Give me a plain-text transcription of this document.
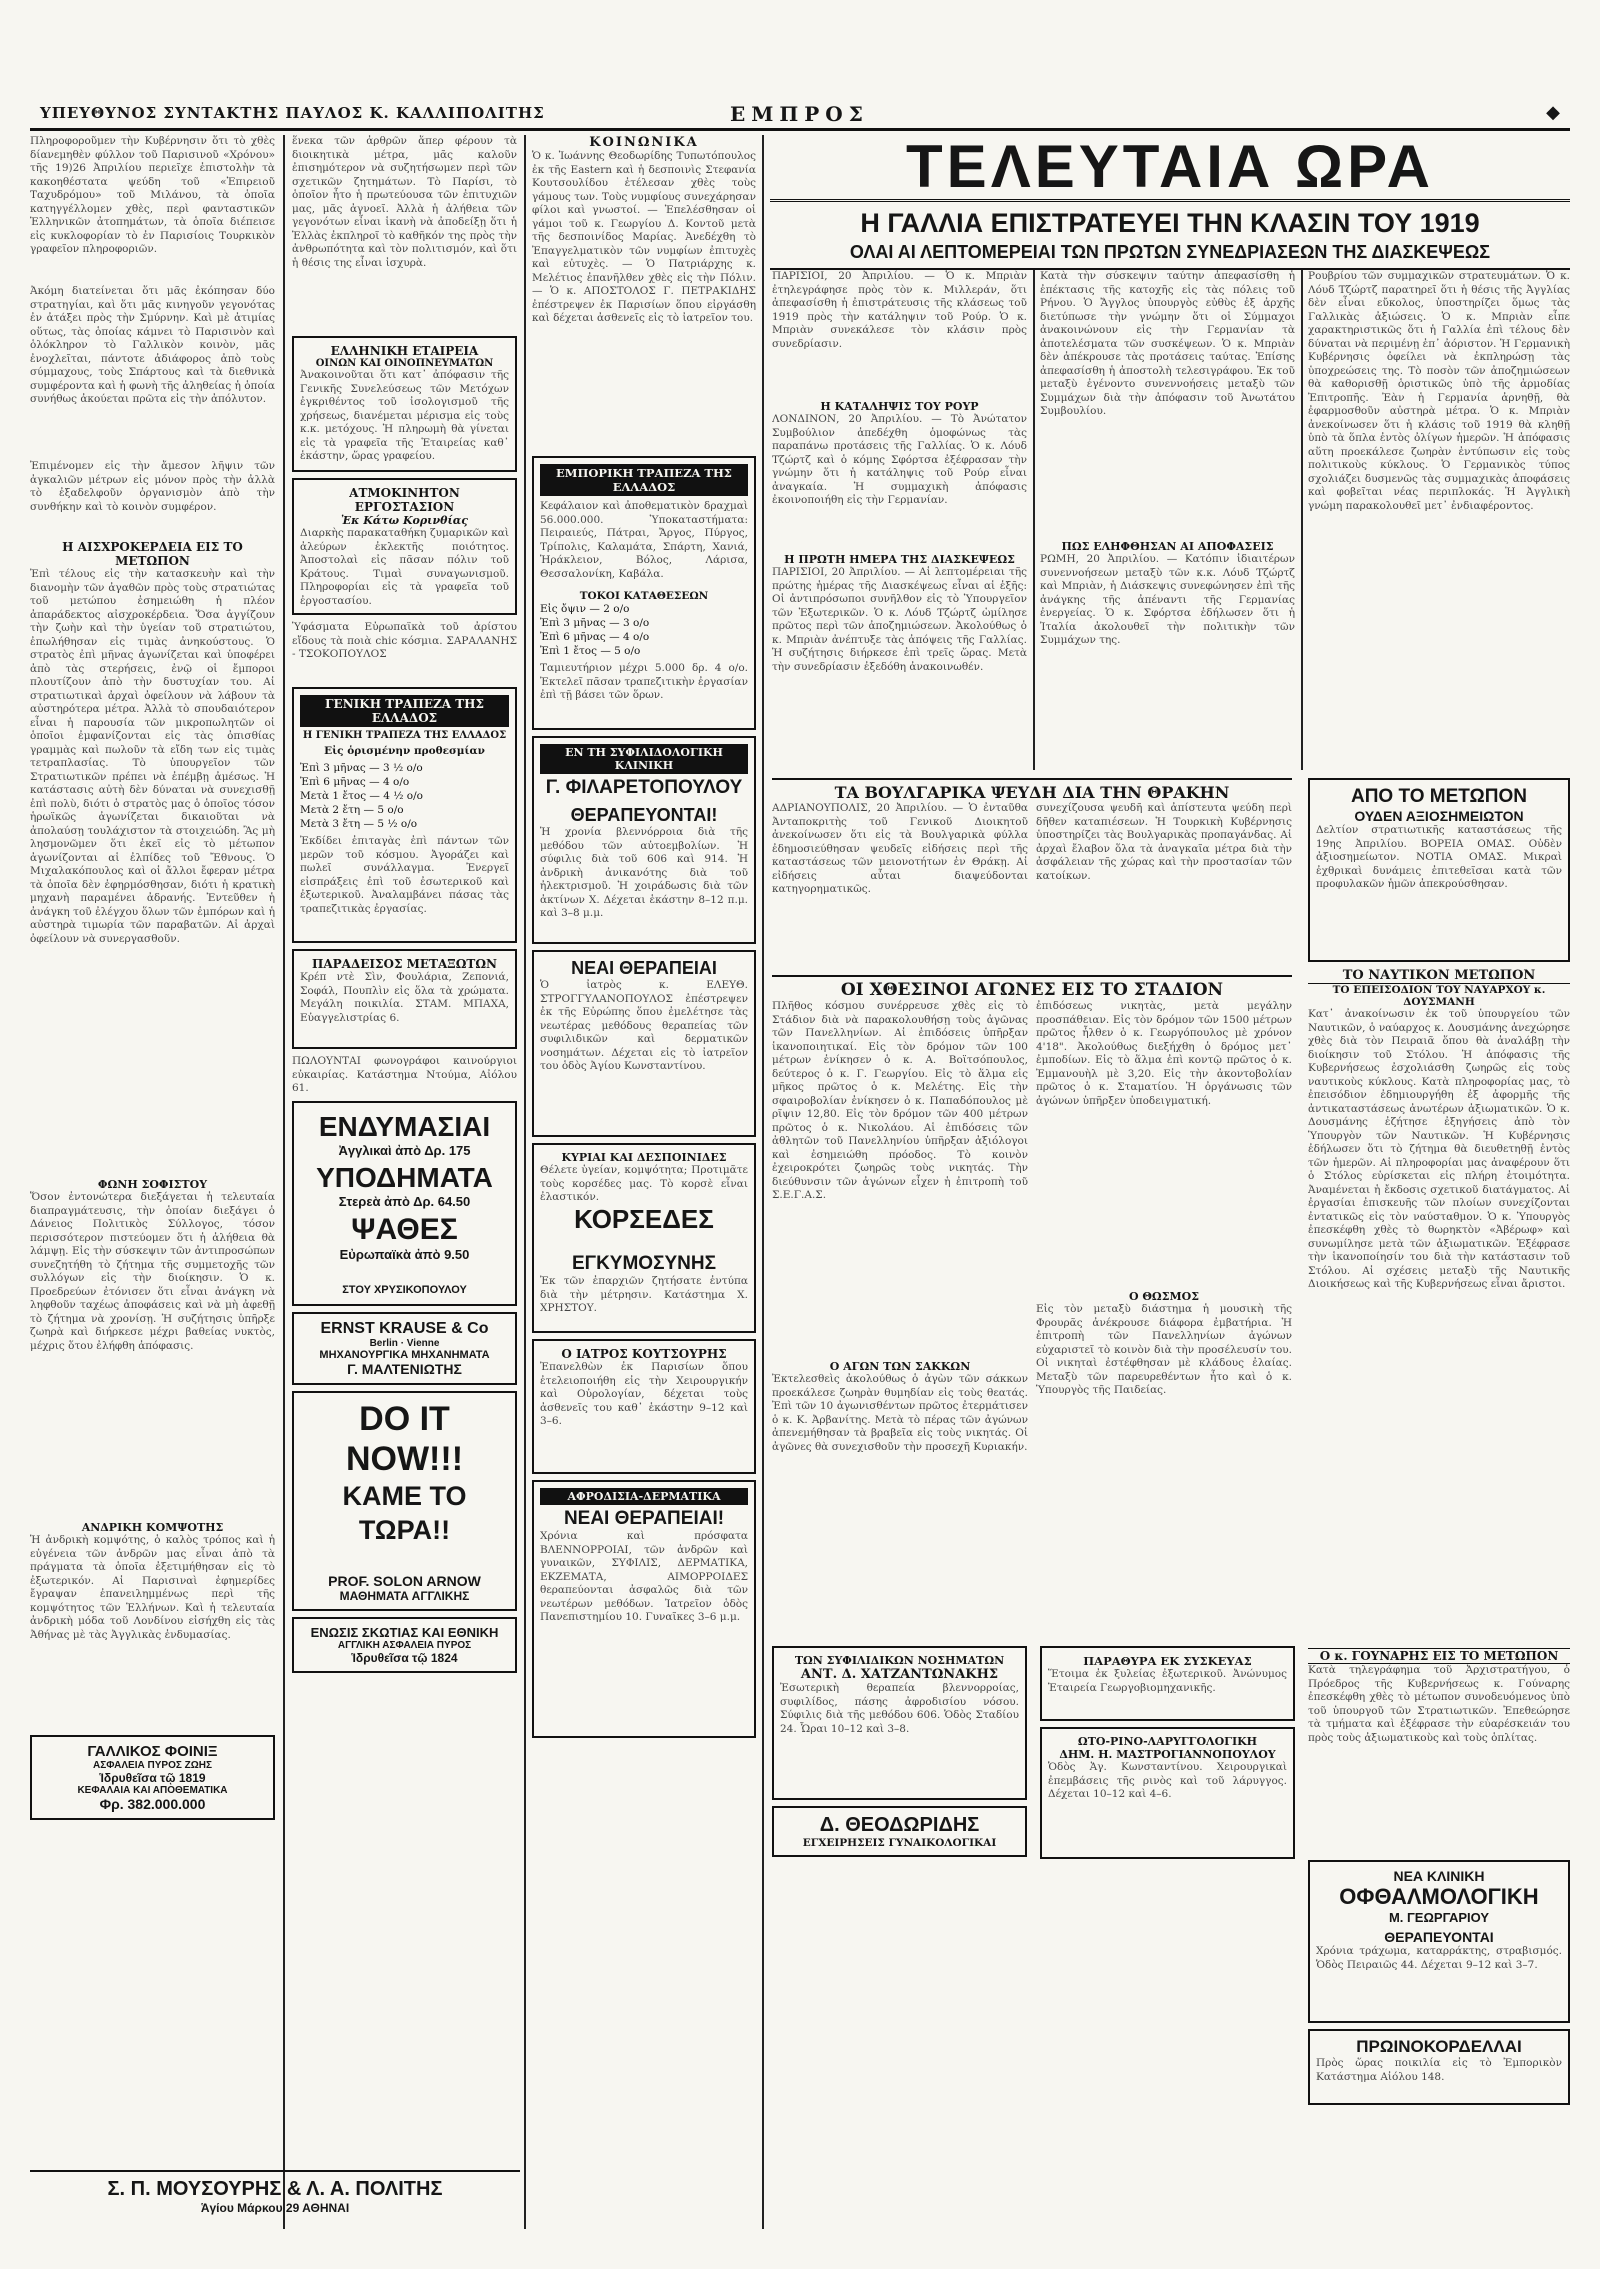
ΥΠΕΥΘΥΝΟΣ ΣΥΝΤΑΚΤΗΣ ΠΑΥΛΟΣ Κ. ΚΑΛΛΙΠΟΛΙΤΗΣ	ΕΜΠΡΟΣ	◆
Πληροφοροῦμεν τὴν Κυβέρνησιν ὅτι τὸ χθὲς δίανεμηθὲν φύλλον τοῦ Παρισινοῦ «Χρόνου» τῆς 19)26 Ἀπριλίου περιεῖχε ἐπιστολὴν τὰ κακοηθέστατα ψεύδη τοῦ «Ἐπιρειοῦ Ταχυδρόμου» τοῦ Μιλάνου, τὰ ὁποῖα κατηγγέλλομεν χθὲς, περὶ φανταστικῶν Ἑλληνικῶν ἀτοπημάτων, τὰ ὁποῖα διέπεισε εἰς κυκλοφορίαν τὸ ἐν Παρισίοις Τουρκικὸν γραφεῖον πληροφοριῶν.
Ἀκόμη διατείνεται ὅτι μᾶς ἐκόπησαν δύο στρατηγίαι, καὶ ὅτι μᾶς κινηγοῦν γεγονότας ἐν ἀτάξει πρὸς τὴν Σμύρνην. Καὶ μὲ ἀτιμίας οὕτως, τὰς ὁποίας κάμνει τὸ Παρισινὸν καὶ ὁλόκληρον τὸ Γαλλικὸν κοινὸν, μᾶς ἐνοχλεῖται, πάντοτε ἀδιάφορος ἀπὸ τοὺς σύμμαχους, τοὺς Σπάρτους καὶ τὰ διεθνικὰ συμφέροντα καὶ ἡ φωνὴ τῆς ἀληθείας ἡ ὁποία συνήθως ἀκούεται πρῶτα εἰς τὴν ἀπόλυτον.
Ἐπιμένομεν εἰς τὴν ἄμεσον λῆψιν τῶν ἀγκαλιῶν μέτρων εἰς μόνον πρὸς τὴν ἀλλὰ τὸ ἐξαδελφοῦν ὀργανισμὸν ἀπὸ τὴν συνθήκην καὶ τὸ κοινὸν συμφέρον.
Η ΑΙΣΧΡΟΚΕΡΔΕΙΑ ΕΙΣ ΤΟ ΜΕΤΩΠΟΝ
Ἐπὶ τέλους εἰς τὴν κατασκευὴν καὶ τὴν διανομὴν τῶν ἀγαθῶν πρὸς τοὺς στρατιώτας τοῦ μετώπου ἐσημειώθη ἡ πλέον ἀπαράδεκτος αἰσχροκέρδεια. Ὅσα ἀγγίζουν τὴν ζωὴν καὶ τὴν ὑγείαν τοῦ στρατιώτου, ἐπωλήθησαν εἰς τιμὰς ἀνηκούστους. Ὁ στρατὸς ἐπὶ μῆνας ἀγωνίζεται καὶ ὑποφέρει ἀπὸ τὰς στερήσεις, ἐνῷ οἱ ἔμποροι πλουτίζουν ἀπὸ τὴν δυστυχίαν του. Αἱ στρατιωτικαὶ ἀρχαὶ ὀφείλουν νὰ λάβουν τὰ αὐστηρότερα μέτρα. Ἀλλὰ τὸ σπουδαιότερον εἶναι ἡ παρουσία τῶν μικροπωλητῶν οἱ ὁποῖοι ἐμφανίζονται εἰς τὰς ὀπισθίας γραμμὰς καὶ πωλοῦν τὰ εἴδη των εἰς τιμὰς τετραπλασίας. Τὸ ὑπουργεῖον τῶν Στρατιωτικῶν πρέπει νὰ ἐπέμβῃ ἀμέσως. Ἡ κατάστασις αὐτὴ δὲν δύναται νὰ συνεχισθῇ ἐπὶ πολὺ, διότι ὁ στρατὸς μας ὁ ὁποῖος τόσον ἡρωϊκῶς ἀγωνίζεται δικαιοῦται νὰ ἀπολαύσῃ τουλάχιστον τὰ στοιχειώδη. Ἂς μὴ λησμονῶμεν ὅτι ἐκεῖ εἰς τὸ μέτωπον ἀγωνίζονται αἱ ἐλπίδες τοῦ Ἔθνους. Ὁ Μιχαλακόπουλος καὶ οἱ ἄλλοι ἔφεραν μέτρα τὰ ὁποῖα δὲν ἐφηρμόσθησαν, διότι ἡ κρατικὴ μηχανὴ παραμένει ἀδρανής. Ἐντεῦθεν ἡ ἀνάγκη τοῦ ἐλέγχου ὅλων τῶν ἐμπόρων καὶ ἡ αὐστηρὰ τιμωρία τῶν παραβατῶν. Αἱ ἀρχαὶ ὀφείλουν νὰ συνεργασθοῦν.
ΦΩΝΗ ΣΟΦΙΣΤΟΥ
Ὅσον ἐντονώτερα διεξάγεται ἡ τελευταία διαπραγμάτευσις, τὴν ὁποίαν διεξάγει ὁ Δάνειος Πολιτικὸς Σύλλογος, τόσον περισσότερον πιστεύομεν ὅτι ἡ ἀλήθεια θὰ λάμψῃ. Εἰς τὴν σύσκεψιν τῶν ἀντιπροσώπων συνεζητήθη τὸ ζήτημα τῆς συμμετοχῆς τῶν συλλόγων εἰς τὴν διοίκησιν. Ὁ κ. Προεδρεύων ἐτόνισεν ὅτι εἶναι ἀνάγκη νὰ ληφθοῦν ταχέως ἀποφάσεις καὶ νὰ μὴ ἀφεθῇ τὸ ζήτημα νὰ χρονίσῃ. Ἡ συζήτησις ὑπῆρξε ζωηρὰ καὶ διήρκεσε μέχρι βαθείας νυκτὸς, μέχρις ὅτου ἐλήφθη ἀπόφασις.
ΑΝΔΡΙΚΗ ΚΟΜΨΟΤΗΣ
Ἡ ἀνδρικὴ κομψότης, ὁ καλὸς τρόπος καὶ ἡ εὐγένεια τῶν ἀνδρῶν μας εἶναι ἀπὸ τὰ πράγματα τὰ ὁποῖα ἐξετιμήθησαν εἰς τὸ ἐξωτερικόν. Αἱ Παρισιναὶ ἐφημερίδες ἔγραψαν ἐπανειλημμένως περὶ τῆς κομψότητος τῶν Ἑλλήνων. Καὶ ἡ τελευταία ἀνδρικὴ μόδα τοῦ Λονδίνου εἰσήχθη εἰς τὰς Ἀθήνας μὲ τὰς Ἀγγλικὰς ἐνδυμασίας.
ΓΑΛΛΙΚΟΣ ΦΟΙΝΙΞ
ΑΣΦΑΛΕΙΑ ΠΥΡΟΣ ΖΩΗΣ
Ἱδρυθεῖσα τῷ 1819
ΚΕΦΑΛΑΙΑ ΚΑΙ ΑΠΟΘΕΜΑΤΙΚΑ
Φρ. 382.000.000
ἕνεκα τῶν ἀρθρῶν ἅπερ φέρουν τὰ διοικητικὰ μέτρα, μᾶς καλοῦν ἐπισημότερον νὰ συζητήσωμεν περὶ τῶν σχετικῶν ζητημάτων. Τὸ Παρίσι, τὸ ὁποῖον ἦτο ἡ πρωτεύουσα τῶν ἐπιτυχιῶν μας, μᾶς ἀγνοεῖ. Ἀλλὰ ἡ ἀλήθεια τῶν γεγονότων εἶναι ἱκανὴ νὰ ἀποδείξῃ ὅτι ἡ Ἑλλὰς ἐκπληροῖ τὸ καθῆκόν της πρὸς τὴν ἀνθρωπότητα καὶ τὸν πολιτισμόν, καὶ ὅτι ἡ θέσις της εἶναι ἰσχυρὰ.
ΕΛΛΗΝΙΚΗ ΕΤΑΙΡΕΙΑ
ΟΙΝΩΝ ΚΑΙ ΟΙΝΟΠΝΕΥΜΑΤΩΝ
Ἀνακοινοῦται ὅτι κατ᾽ ἀπόφασιν τῆς Γενικῆς Συνελεύσεως τῶν Μετόχων ἐγκριθέντος τοῦ ἰσολογισμοῦ τῆς χρήσεως, διανέμεται μέρισμα εἰς τοὺς κ.κ. μετόχους. Ἡ πληρωμὴ θὰ γίνεται εἰς τὰ γραφεῖα τῆς Ἑταιρείας καθ᾽ ἑκάστην, ὥρας γραφείου.
ΑΤΜΟΚΙΝΗΤΟΝ ΕΡΓΟΣΤΑΣΙΟΝ
Ἐκ Κάτω Κορινθίας
Διαρκὴς παρακαταθήκη ζυμαρικῶν καὶ ἀλεύρων ἐκλεκτῆς ποιότητος. Ἀποστολαὶ εἰς πᾶσαν πόλιν τοῦ Κράτους. Τιμαὶ συναγωνισμοῦ. Πληροφορίαι εἰς τὰ γραφεῖα τοῦ ἐργοστασίου.
Ὑφάσματα Εὐρωπαϊκὰ τοῦ ἀρίστου εἴδους τὰ ποιὰ chic κόσμια. ΣΑΡΑΛΑΝΗΣ - ΤΣΟΚΟΠΟΥΛΟΣ
ΓΕΝΙΚΗ ΤΡΑΠΕΖΑ ΤΗΣ ΕΛΛΑΔΟΣ
Η ΓΕΝΙΚΗ ΤΡΑΠΕΖΑ ΤΗΣ ΕΛΛΑΔΟΣ
Εἰς ὁρισμένην προθεσμίαν
Ἐπὶ 3 μῆνας — 3 ½ ο/ο
Ἐπὶ 6 μῆνας — 4 ο/ο
Μετὰ 1 ἔτος — 4 ½ ο/ο
Μετὰ 2 ἔτη — 5 ο/ο
Μετὰ 3 ἔτη — 5 ½ ο/ο
Ἐκδίδει ἐπιταγὰς ἐπὶ πάντων τῶν μερῶν τοῦ κόσμου. Ἀγοράζει καὶ πωλεῖ συνάλλαγμα. Ἐνεργεῖ εἰσπράξεις ἐπὶ τοῦ ἐσωτερικοῦ καὶ ἐξωτερικοῦ. Ἀναλαμβάνει πάσας τὰς τραπεζιτικὰς ἐργασίας.
ΠΑΡΑΔΕΙΣΟΣ ΜΕΤΑΞΩΤΩΝ
Κρέπ ντὲ Σὶν, Φουλάρια, Ζεπονιά, Σοφάλ, Πουπλὶν εἰς ὅλα τὰ χρώματα. Μεγάλη ποικιλία. ΣΤΑΜ. ΜΠΑΧΑ, Εὐαγγελιστρίας 6.
ΠΩΛΟΥΝΤΑΙ φωνογράφοι καινούργιοι εὐκαιρίας. Κατάστημα Ντούμα, Αἰόλου 61.
ΕΝΔΥΜΑΣΙΑΙ
Ἀγγλικαὶ ἀπὸ Δρ. 175
ΥΠΟΔΗΜΑΤΑ
Στερεὰ ἀπὸ Δρ. 64.50
ΨΑΘΕΣ
Εὐρωπαϊκὰ ἀπὸ 9.50
ΣΤΟΥ ΧΡΥΣΙΚΟΠΟΥΛΟΥ
ERNST KRAUSE & Co
Berlin · Vienne
ΜΗΧΑΝΟΥΡΓΙΚΑ ΜΗΧΑΝΗΜΑΤΑ
Γ. ΜΑΛΤΕΝΙΩΤΗΣ
DO IT NOW!!!
ΚΑΜΕ ΤΟ ΤΩΡΑ!!
PROF. SOLON ARNOW
ΜΑΘΗΜΑΤΑ ΑΓΓΛΙΚΗΣ
ΕΝΩΣΙΣ ΣΚΩΤΙΑΣ ΚΑΙ ΕΘΝΙΚΗ
ΑΓΓΛΙΚΗ ΑΣΦΑΛΕΙΑ ΠΥΡΟΣ
Ἱδρυθεῖσα τῷ 1824
Σ. Π. ΜΟΥΣΟΥΡΗΣ & Λ. Α. ΠΟΛΙΤΗΣ
Ἁγίου Μάρκου 29 ΑΘΗΝΑΙ
ΚΟΙΝΩΝΙΚΑ
Ὁ κ. Ἰωάννης Θεοδωρίδης Τυπωτόπουλος ἐκ τῆς Eastern καὶ ἡ δεσποινὶς Στεφανία Κουτσουλίδου ἐτέλεσαν χθὲς τοὺς γάμους των. Τοὺς νυμφίους συνεχάρησαν φίλοι καὶ γνωστοί. — Ἐπελέσθησαν οἱ γάμοι τοῦ κ. Γεωργίου Δ. Κοντοῦ μετὰ τῆς δεσποινίδος Μαρίας. Ἀνεδέχθη τὸ Ἐπαγγελματικὸν τῶν νυμφίων ἐπιτυχὲς καὶ εὐτυχὲς. — Ὁ Πατριάρχης κ. Μελέτιος ἐπανῆλθεν χθὲς εἰς τὴν Πόλιν. — Ὁ κ. ΑΠΟΣΤΟΛΟΣ Γ. ΠΕΤΡΑΚΙΔΗΣ ἐπέστρεψεν ἐκ Παρισίων ὅπου εἰργάσθη καὶ δέχεται ἀσθενεῖς εἰς τὸ ἰατρεῖον του.
ΕΜΠΟΡΙΚΗ ΤΡΑΠΕΖΑ ΤΗΣ ΕΛΛΑΔΟΣ
Κεφάλαιον καὶ ἀποθεματικὸν δραχμαὶ 56.000.000. Ὑποκαταστήματα: Πειραιεύς, Πάτραι, Ἄργος, Πύργος, Τρίπολις, Καλαμάτα, Σπάρτη, Χανιά, Ἡράκλειον, Βόλος, Λάρισα, Θεσσαλονίκη, Καβάλα.
ΤΟΚΟΙ ΚΑΤΑΘΕΣΕΩΝ
Εἰς ὄψιν — 2 ο/ο
Ἐπὶ 3 μῆνας — 3 ο/ο
Ἐπὶ 6 μῆνας — 4 ο/ο
Ἐπὶ 1 ἔτος — 5 ο/ο
Ταμιευτήριον μέχρι 5.000 δρ. 4 ο/ο. Ἐκτελεῖ πᾶσαν τραπεζιτικὴν ἐργασίαν ἐπὶ τῇ βάσει τῶν ὅρων.
ΕΝ ΤΗ ΣΥΦΙΛΙΔΟΛΟΓΙΚΗ ΚΛΙΝΙΚΗ
Γ. ΦΙΛΑΡΕΤΟΠΟΥΛΟΥ
ΘΕΡΑΠΕΥΟΝΤΑΙ!
Ἡ χρονία βλεννόρροια διὰ τῆς μεθόδου τῶν αὐτοεμβολίων. Ἡ σύφιλις διὰ τοῦ 606 καὶ 914. Ἡ ἀνδρικὴ ἀνικανότης διὰ τοῦ ἠλεκτρισμοῦ. Ἡ χοιράδωσις διὰ τῶν ἀκτίνων Χ. Δέχεται ἑκάστην 8–12 π.μ. καὶ 3–8 μ.μ.
ΝΕΑΙ ΘΕΡΑΠΕΙΑΙ
Ὁ ἰατρὸς κ. ΕΛΕΥΘ. ΣΤΡΟΓΓΥΛΑΝΟΠΟΥΛΟΣ ἐπέστρεψεν ἐκ τῆς Εὐρώπης ὅπου ἐμελέτησε τὰς νεωτέρας μεθόδους θεραπείας τῶν συφιλιδικῶν καὶ δερματικῶν νοσημάτων. Δέχεται εἰς τὸ ἰατρεῖον του ὁδὸς Ἀγίου Κωνσταντίνου.
ΚΥΡΙΑΙ ΚΑΙ ΔΕΣΠΟΙΝΙΔΕΣ
Θέλετε ὑγείαν, κομψότητα; Προτιμᾶτε τοὺς κορσέδες μας. Τὸ κορσὲ εἶναι ἐλαστικόν.
ΚΟΡΣΕΔΕΣ
ΕΓΚΥΜΟΣΥΝΗΣ
Ἐκ τῶν ἐπαρχιῶν ζητήσατε ἐντύπα διὰ τὴν μέτρησιν. Κατάστημα Χ. ΧΡΗΣΤΟΥ.
Ο ΙΑΤΡΟΣ ΚΟΥΤΣΟΥΡΗΣ
Ἐπανελθὼν ἐκ Παρισίων ὅπου ἐτελειοποιήθη εἰς τὴν Χειρουργικήν καὶ Οὐρολογίαν, δέχεται τοὺς ἀσθενεῖς του καθ᾽ ἑκάστην 9–12 καὶ 3–6.
ΑΦΡΟΔΙΣΙΑ-ΔΕΡΜΑΤΙΚΑ
ΝΕΑΙ ΘΕΡΑΠΕΙΑΙ!
Χρόνια καὶ πρόσφατα ΒΛΕΝΝΟΡΡΟΙΑΙ, τῶν ἀνδρῶν καὶ γυναικῶν, ΣΥΦΙΛΙΣ, ΔΕΡΜΑΤΙΚΑ, ΕΚΖΕΜΑΤΑ, ΑΙΜΟΡΡΟΙΔΕΣ θεραπεύονται ἀσφαλῶς διὰ τῶν νεωτέρων μεθόδων. Ἰατρεῖον ὁδὸς Πανεπιστημίου 10. Γυναῖκες 3–6 μ.μ.
ΤΕΛΕΥΤΑΙΑ ΩΡΑ
Η ΓΑΛΛΙΑ ΕΠΙΣΤΡΑΤΕΥΕΙ ΤΗΝ ΚΛΑΣΙΝ ΤΟΥ 1919
ΟΛΑΙ ΑΙ ΛΕΠΤΟΜΕΡΕΙΑΙ ΤΩΝ ΠΡΩΤΩΝ ΣΥΝΕΔΡΙΑΣΕΩΝ ΤΗΣ ΔΙΑΣΚΕΨΕΩΣ
ΠΑΡΙΣΙΟΙ, 20 Ἀπριλίου. — Ὁ κ. Μπριὰν ἐτηλεγράφησε πρὸς τὸν κ. Μιλλεράν, ὅτι ἀπεφασίσθη ἡ ἐπιστράτευσις τῆς κλάσεως τοῦ 1919 πρὸς τὴν κατάληψιν τοῦ Ρούρ. Ὁ κ. Μπριὰν συνεκάλεσε τὸν κλάσιν πρὸς συνεδρίασιν.
Η ΚΑΤΑΛΗΨΙΣ ΤΟΥ ΡΟΥΡ
ΛΟΝΔΙΝΟΝ, 20 Ἀπριλίου. — Τὸ Ἀνώτατον Συμβούλιον ἀπεδέχθη ὁμοφώνως τὰς παραπάνω προτάσεις τῆς Γαλλίας. Ὁ κ. Λόυδ Τζώρτζ καὶ ὁ κόμης Σφόρτσα ἐξέφρασαν τὴν γνώμην ὅτι ἡ κατάληψις τοῦ Ρούρ εἶναι ἀναγκαία. Ἡ συμμαχικὴ ἀπόφασις ἐκοινοποιήθη εἰς τὴν Γερμανίαν.
Η ΠΡΩΤΗ ΗΜΕΡΑ ΤΗΣ ΔΙΑΣΚΕΨΕΩΣ
ΠΑΡΙΣΙΟΙ, 20 Ἀπριλίου. — Αἱ λεπτομέρειαι τῆς πρώτης ἡμέρας τῆς Διασκέψεως εἶναι αἱ ἑξῆς: Οἱ ἀντιπρόσωποι συνῆλθον εἰς τὸ Ὑπουργεῖον τῶν Ἐξωτερικῶν. Ὁ κ. Λόυδ Τζώρτζ ὡμίλησε πρῶτος περὶ τῶν ἀποζημιώσεων. Ἀκολούθως ὁ κ. Μπριὰν ἀνέπτυξε τὰς ἀπόψεις τῆς Γαλλίας. Ἡ συζήτησις διήρκεσε ἐπὶ τρεῖς ὥρας. Μετὰ τὴν συνεδρίασιν ἐξεδόθη ἀνακοινωθέν.
Κατὰ τὴν σύσκεψιν ταύτην ἀπεφασίσθη ἡ ἐπέκτασις τῆς κατοχῆς εἰς τὰς πόλεις τοῦ Ρήνου. Ὁ Ἄγγλος ὑπουργὸς εὐθὺς ἐξ ἀρχῆς διετύπωσε τὴν γνώμην ὅτι οἱ Σύμμαχοι ἀνακοινώνουν εἰς τὴν Γερμανίαν τὰ ἀποτελέσματα τῶν συσκέψεων. Ὁ κ. Μπριὰν δὲν ἀπέκρουσε τὰς προτάσεις ταύτας. Ἐπίσης ἀπεφασίσθη ἡ ἀποστολὴ τελεσιγράφου. Ἐκ τοῦ μεταξὺ ἐγένοντο συνεννοήσεις μεταξὺ τῶν Συμμάχων διὰ τὴν ἀπόφασιν τοῦ Ἀνωτάτου Συμβουλίου.
ΠΩΣ ΕΛΗΦΘΗΣΑΝ ΑΙ ΑΠΟΦΑΣΕΙΣ
ΡΩΜΗ, 20 Ἀπριλίου. — Κατόπιν ἰδιαιτέρων συνεννοήσεων μεταξὺ τῶν κ.κ. Λόυδ Τζώρτζ καὶ Μπριὰν, ἡ Διάσκεψις συνεφώνησεν ἐπὶ τῆς ἀνάγκης τῆς ἀπέναντι τῆς Γερμανίας ἐνεργείας. Ὁ κ. Σφόρτσα ἐδήλωσεν ὅτι ἡ Ἰταλία ἀκολουθεῖ τὴν πολιτικὴν τῶν Συμμάχων της.
Ρουβρίου τῶν συμμαχικῶν στρατευμάτων. Ὁ κ. Λόυδ Τζώρτζ παρατηρεῖ ὅτι ἡ θέσις τῆς Ἀγγλίας δὲν εἶναι εὔκολος, ὑποστηρίζει ὅμως τὰς Γαλλικὰς ἀξιώσεις. Ὁ κ. Μπριὰν εἶπε χαρακτηριστικῶς ὅτι ἡ Γαλλία ἐπὶ τέλους δὲν δύναται νὰ περιμένῃ ἐπ᾽ ἀόριστον. Ἡ Γερμανικὴ Κυβέρνησις ὀφείλει νὰ ἐκπληρώσῃ τὰς ὑποχρεώσεις της. Τὸ ποσὸν τῶν ἀποζημιώσεων θὰ καθορισθῇ ὁριστικῶς ὑπὸ τῆς ἁρμοδίας Ἐπιτροπῆς. Ἐὰν ἡ Γερμανία ἀρνηθῇ, θὰ ἐφαρμοσθοῦν αὐστηρὰ μέτρα. Ὁ κ. Μπριὰν ἀνεκοίνωσεν ὅτι ἡ κλάσις τοῦ 1919 θὰ κληθῇ ὑπὸ τὰ ὅπλα ἐντὸς ὀλίγων ἡμερῶν. Ἡ ἀπόφασις αὕτη προεκάλεσε ζωηρὰν ἐντύπωσιν εἰς τοὺς πολιτικοὺς κύκλους. Ὁ Γερμανικὸς τύπος σχολιάζει δυσμενῶς τὰς συμμαχικὰς ἀποφάσεις καὶ φοβεῖται νέας περιπλοκάς. Ἡ Ἀγγλικὴ γνώμη παρακολουθεῖ μετ᾽ ἐνδιαφέροντος.
ΤΑ ΒΟΥΛΓΑΡΙΚΑ ΨΕΥΔΗ ΔΙΑ ΤΗΝ ΘΡΑΚΗΝ
ΑΔΡΙΑΝΟΥΠΟΛΙΣ, 20 Ἀπριλίου. — Ὁ ἐνταῦθα Ἀνταποκριτὴς τοῦ Γενικοῦ Διοικητοῦ ἀνεκοίνωσεν ὅτι εἰς τὰ Βουλγαρικὰ φύλλα ἐδημοσιεύθησαν ψευδεῖς εἰδήσεις περὶ τῆς καταστάσεως τῶν μειονοτήτων ἐν Θράκῃ. Αἱ εἰδήσεις αὗται διαψεύδονται κατηγορηματικῶς.
συνεχίζουσα ψευδῆ καὶ ἀπίστευτα ψεύδη περὶ δῆθεν καταπιέσεων. Ἡ Τουρκικὴ Κυβέρνησις ὑποστηρίζει τὰς Βουλγαρικὰς προπαγάνδας. Αἱ ἀρχαὶ ἔλαβον ὅλα τὰ ἀναγκαῖα μέτρα διὰ τὴν ἀσφάλειαν τῆς χώρας καὶ τὴν προστασίαν τῶν κατοίκων.
ΟΙ ΧΘΕΣΙΝΟΙ ΑΓΩΝΕΣ ΕΙΣ ΤΟ ΣΤΑΔΙΟΝ
Πλῆθος κόσμου συνέρρευσε χθὲς εἰς τὸ Στάδιον διὰ νὰ παρακολουθήσῃ τοὺς ἀγῶνας τῶν Πανελληνίων. Αἱ ἐπιδόσεις ὑπῆρξαν ἱκανοποιητικαί. Εἰς τὸν δρόμον τῶν 100 μέτρων ἐνίκησεν ὁ κ. Α. Βοϊτσόπουλος, δεύτερος ὁ κ. Γ. Γεωργίου. Εἰς τὸ ἅλμα εἰς μῆκος πρῶτος ὁ κ. Μελέτης. Εἰς τὴν σφαιροβολίαν ἐνίκησεν ὁ κ. Παπαδόπουλος μὲ ρῖψιν 12,80. Εἰς τὸν δρόμον τῶν 400 μέτρων πρῶτος ὁ κ. Νικολάου. Αἱ ἐπιδόσεις τῶν ἀθλητῶν τοῦ Πανελληνίου ὑπῆρξαν ἀξιόλογοι καὶ ἐσημειώθη πρόοδος. Τὸ κοινὸν ἐχειροκρότει ζωηρῶς τοὺς νικητάς. Τὴν διεύθυνσιν τῶν ἀγώνων εἶχεν ἡ ἐπιτροπὴ τοῦ Σ.Ε.Γ.Α.Σ.
Ο ΑΓΩΝ ΤΩΝ ΣΑΚΚΩΝ
Ἐκτελεσθεὶς ἀκολούθως ὁ ἀγὼν τῶν σάκκων προεκάλεσε ζωηρὰν θυμηδίαν εἰς τοὺς θεατάς. Ἐπὶ τῶν 10 ἀγωνισθέντων πρῶτος ἐτερμάτισεν ὁ κ. Κ. Ἀρβανίτης. Μετὰ τὸ πέρας τῶν ἀγώνων ἀπενεμήθησαν τὰ βραβεῖα εἰς τοὺς νικητάς. Οἱ ἀγῶνες θὰ συνεχισθοῦν τὴν προσεχῆ Κυριακήν.
ἐπιδόσεως νικητὰς, μετὰ μεγάλην προσπάθειαν. Εἰς τὸν δρόμον τῶν 1500 μέτρων πρῶτος ἦλθεν ὁ κ. Γεωργόπουλος μὲ χρόνον 4'18". Ἀκολούθως διεξήχθη ὁ δρόμος μετ᾽ ἐμποδίων. Εἰς τὸ ἅλμα ἐπὶ κοντῷ πρῶτος ὁ κ. Ἐμμανουὴλ μὲ 3,20. Εἰς τὴν ἀκοντοβολίαν πρῶτος ὁ κ. Σταματίου. Ἡ ὀργάνωσις τῶν ἀγώνων ὑπῆρξεν ὑποδειγματική.
Ο ΘΩΣΜΟΣ
Εἰς τὸν μεταξὺ διάστημα ἡ μουσικὴ τῆς Φρουρᾶς ἀνέκρουσε διάφορα ἐμβατήρια. Ἡ ἐπιτροπὴ τῶν Πανελληνίων ἀγώνων εὐχαριστεῖ τὸ κοινὸν διὰ τὴν προσέλευσίν του. Οἱ νικηταὶ ἐστέφθησαν μὲ κλάδους ἐλαίας. Μεταξὺ τῶν παρευρεθέντων ἦτο καὶ ὁ κ. Ὑπουργὸς τῆς Παιδείας.
ΤΩΝ ΣΥΦΙΛΙΔΙΚΩΝ ΝΟΣΗΜΑΤΩΝ
ΑΝΤ. Δ. ΧΑΤΖΑΝΤΩΝΑΚΗΣ
Ἐσωτερικὴ θεραπεία βλεννορροίας, συφιλίδος, πάσης ἀφροδισίου νόσου. Σύφιλις διὰ τῆς μεθόδου 606. Ὁδὸς Σταδίου 24. Ὧραι 10–12 καὶ 3–8.
Δ. ΘΕΟΔΩΡΙΔΗΣ
ΕΓΧΕΙΡΗΣΕΙΣ ΓΥΝΑΙΚΟΛΟΓΙΚΑΙ
ΠΑΡΑΘΥΡΑ ΕΚ ΣΥΣΚΕΥΑΣ
Ἕτοιμα ἐκ ξυλείας ἐξωτερικοῦ. Ἀνώνυμος Ἑταιρεία Γεωργοβιομηχανικῆς.
ΩΤΟ-ΡΙΝΟ-ΛΑΡΥΓΓΟΛΟΓΙΚΗ
ΔΗΜ. Η. ΜΑΣΤΡΟΓΙΑΝΝΟΠΟΥΛΟΥ
Ὁδὸς Ἁγ. Κωνσταντίνου. Χειρουργικαὶ ἐπεμβάσεις τῆς ρινὸς καὶ τοῦ λάρυγγος. Δέχεται 10–12 καὶ 4–6.
ΑΠΟ ΤΟ ΜΕΤΩΠΟΝ
ΟΥΔΕΝ ΑΞΙΟΣΗΜΕΙΩΤΟΝ
Δελτίον στρατιωτικῆς καταστάσεως τῆς 19ης Ἀπριλίου. ΒΟΡΕΙΑ ΟΜΑΣ. Οὐδὲν ἀξιοσημείωτον. ΝΟΤΙΑ ΟΜΑΣ. Μικραὶ ἐχθρικαὶ δυνάμεις ἐπιτεθεῖσαι κατὰ τῶν προφυλακῶν ἡμῶν ἀπεκρούσθησαν.
ΤΟ ΝΑΥΤΙΚΟΝ ΜΕΤΩΠΟΝ
ΤΟ ΕΠΕΙΣΟΔΙΟΝ ΤΟΥ ΝΑΥΑΡΧΟΥ κ. ΔΟΥΣΜΑΝΗ
Κατ᾽ ἀνακοίνωσιν ἐκ τοῦ ὑπουργείου τῶν Ναυτικῶν, ὁ ναύαρχος κ. Δουσμάνης ἀνεχώρησε χθὲς διὰ τὸν Πειραιᾶ ὅπου θὰ ἀναλάβῃ τὴν διοίκησιν τοῦ Στόλου. Ἡ ἀπόφασις τῆς Κυβερνήσεως ἐσχολιάσθη ζωηρῶς εἰς τοὺς ναυτικοὺς κύκλους. Κατὰ πληροφορίας μας, τὸ ἐπεισόδιον ἐδημιουργήθη ἐξ ἀφορμῆς τῆς ἀντικαταστάσεως ἀνωτέρων ἀξιωματικῶν. Ὁ κ. Δουσμάνης ἐζήτησε ἐξηγήσεις ἀπὸ τὸν Ὑπουργὸν τῶν Ναυτικῶν. Ἡ Κυβέρνησις ἐδήλωσεν ὅτι τὸ ζήτημα θὰ διευθετηθῇ ἐντὸς τῶν ἡμερῶν. Αἱ πληροφορίαι μας ἀναφέρουν ὅτι ὁ Στόλος εὑρίσκεται εἰς πλήρη ἑτοιμότητα. Ἀναμένεται ἡ ἔκδοσις σχετικοῦ διατάγματος. Αἱ ἐργασίαι ἐπισκευῆς τῶν πλοίων συνεχίζονται ἐντατικῶς εἰς τὸν ναύσταθμον. Ὁ κ. Ὑπουργὸς ἐπεσκέφθη χθὲς τὸ θωρηκτὸν «Ἀβέρωφ» καὶ συνωμίλησε μετὰ τῶν ἀξιωματικῶν. Ἐξέφρασε τὴν ἱκανοποίησίν του διὰ τὴν κατάστασιν τοῦ Στόλου. Αἱ σχέσεις μεταξὺ τῆς Ναυτικῆς Διοικήσεως καὶ τῆς Κυβερνήσεως εἶναι ἄριστοι.
Ο κ. ΓΟΥΝΑΡΗΣ ΕΙΣ ΤΟ ΜΕΤΩΠΟΝ
Κατὰ τηλεγράφημα τοῦ Ἀρχιστρατήγου, ὁ Πρόεδρος τῆς Κυβερνήσεως κ. Γούναρης ἐπεσκέφθη χθὲς τὸ μέτωπον συνοδευόμενος ὑπὸ τοῦ ὑπουργοῦ τῶν Στρατιωτικῶν. Ἐπεθεώρησε τὰ τμήματα καὶ ἐξέφρασε τὴν εὐαρέσκειάν του πρὸς τοὺς ἀξιωματικοὺς καὶ τοὺς ὁπλίτας.
ΝΕΑ ΚΛΙΝΙΚΗ
ΟΦΘΑΛΜΟΛΟΓΙΚΗ
Μ. ΓΕΩΡΓΑΡΙΟΥ
ΘΕΡΑΠΕΥΟΝΤΑΙ
Χρόνια τράχωμα, καταρράκτης, στραβισμός. Ὁδὸς Πειραιῶς 44. Δέχεται 9–12 καὶ 3–7.
ΠΡΩΙΝΟΚΟΡΔΕΛΛΑΙ
Πρὸς ὥρας ποικιλία εἰς τὸ Ἐμπορικὸν Κατάστημα Αἰόλου 148.
